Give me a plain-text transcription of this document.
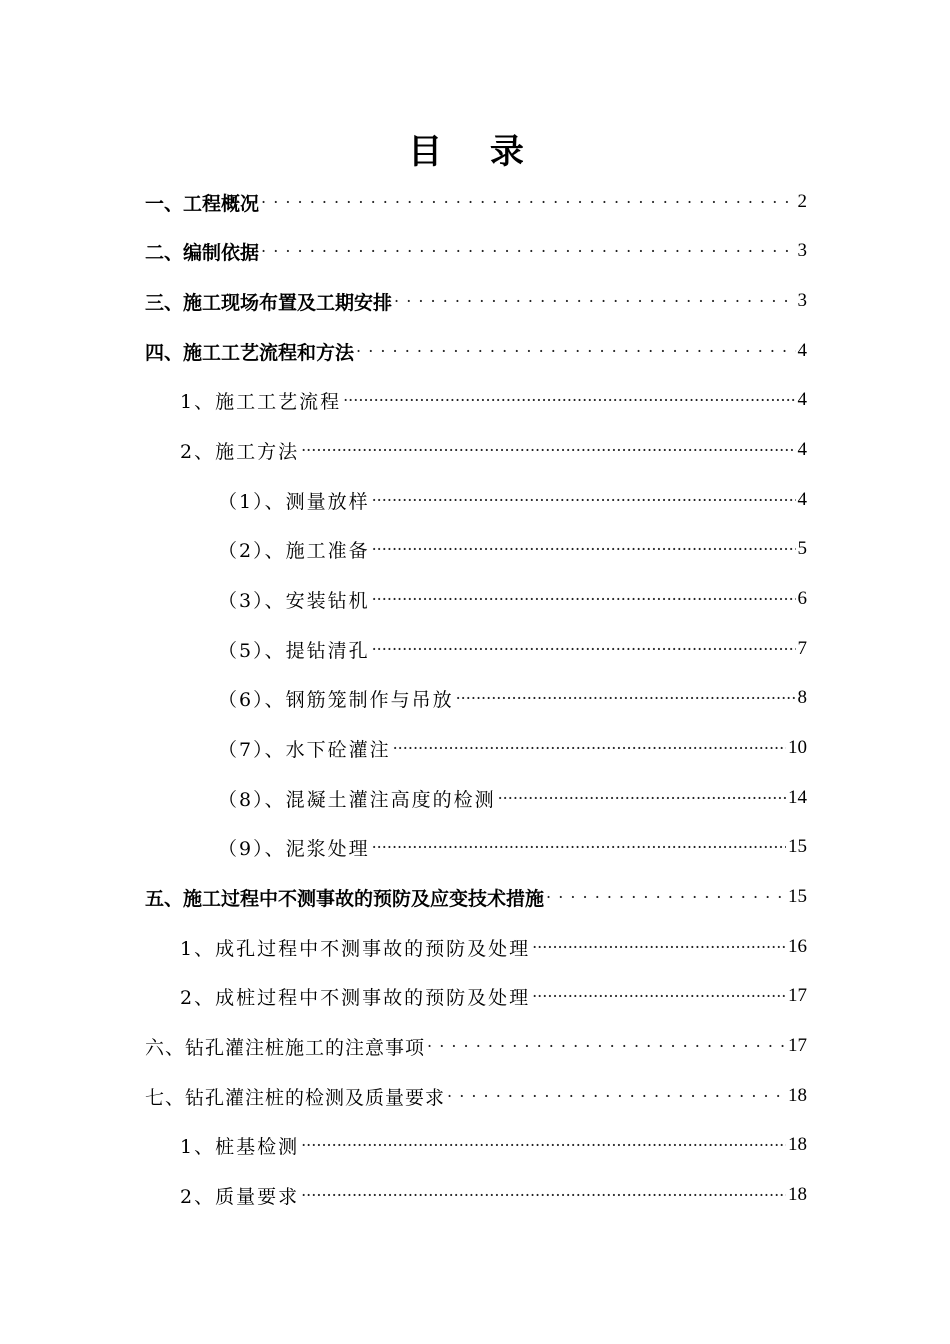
目 录
一、工程概况 . . .	2
二、编制依据 . . .	3
三、施工现场布置及工期安排 . . .	3
四、施工工艺流程和方法 . . .	4
1、施工工艺流程 .....	4
2、施工方法 .....	4
（1）、测量放样 .....	4
（2）、施工准备 .....	5
（3）、安装钻机 .....	6
（5）、提钻清孔 .....	7
（6）、钢筋笼制作与吊放 .....	8
（7）、水下砼灌注 .....	10
（8）、混凝土灌注高度的检测 .....	14
（9）、泥浆处理 .....	15
五、施工过程中不测事故的预防及应变技术措施 . . .	15
1、成孔过程中不测事故的预防及处理 .....	16
2、成桩过程中不测事故的预防及处理 .....	17
六、钻孔灌注桩施工的注意事项 . . .	17
七、钻孔灌注桩的检测及质量要求 . . .	18
1、桩基检测 .....	18
2、质量要求 .....	18
